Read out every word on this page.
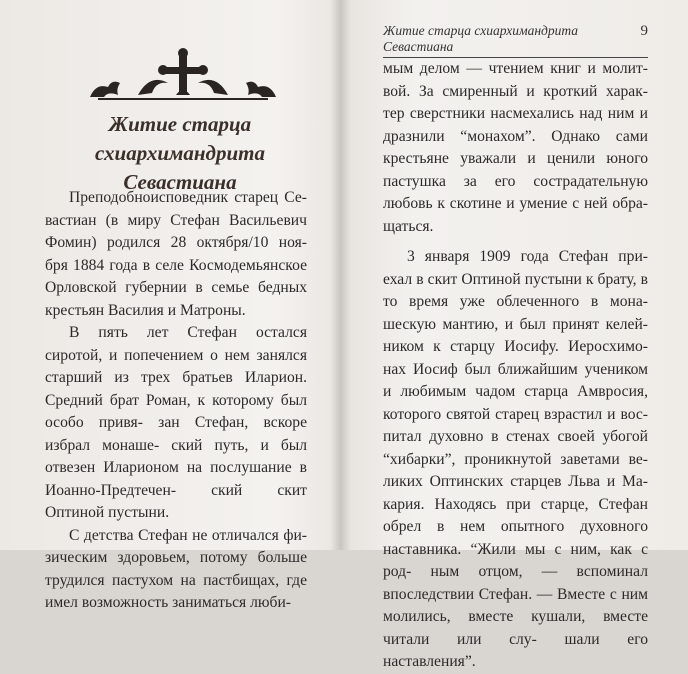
Житие старца
схиархимандрита
Севастиана

Преподобноисповедник старец Се- вастиан (в миру Стефан Васильевич Фомин) родился 28 октября/10 ноя- бря 1884 года в селе Космодемьянское Орловской губернии в семье бедных крестьян Василия и Матроны.

В пять лет Стефан остался сиротой, и попечением о нем занялся старший из трех братьев Иларион. Средний брат Роман, к которому был особо привя- зан Стефан, вскоре избрал монаше- ский путь, и был отвезен Иларионом на послушание в Иоанно-Предтечен- ский скит Оптиной пустыни.

С детства Стефан не отличался фи- зическим здоровьем, потому больше трудился пастухом на пастбищах, где имел возможность заниматься люби-

Житие старца схиархимандрита Севастиана
9

мым делом — чтением книг и молит- вой. За смиренный и кроткий харак- тер сверстники насмехались над ним и дразнили “монахом”. Однако сами крестьяне уважали и ценили юного пастушка за его сострадательную любовь к скотине и умение с ней обра- щаться.

3 января 1909 года Стефан при- ехал в скит Оптиной пустыни к брату, в то время уже облеченного в мона- шескую мантию, и был принят келей- ником к старцу Иосифу. Иеросхимо- нах Иосиф был ближайшим учеником и любимым чадом старца Амвросия, которого святой старец взрастил и вос- питал духовно в стенах своей убогой “хибарки”, проникнутой заветами ве- ликих Оптинских старцев Льва и Ма- кария. Находясь при старце, Стефан обрел в нем опытного духовного наставника. “Жили мы с ним, как с род- ным отцом, — вспоминал впоследствии Стефан. — Вместе с ним молились, вместе кушали, вместе читали или слу- шали его наставления”.
